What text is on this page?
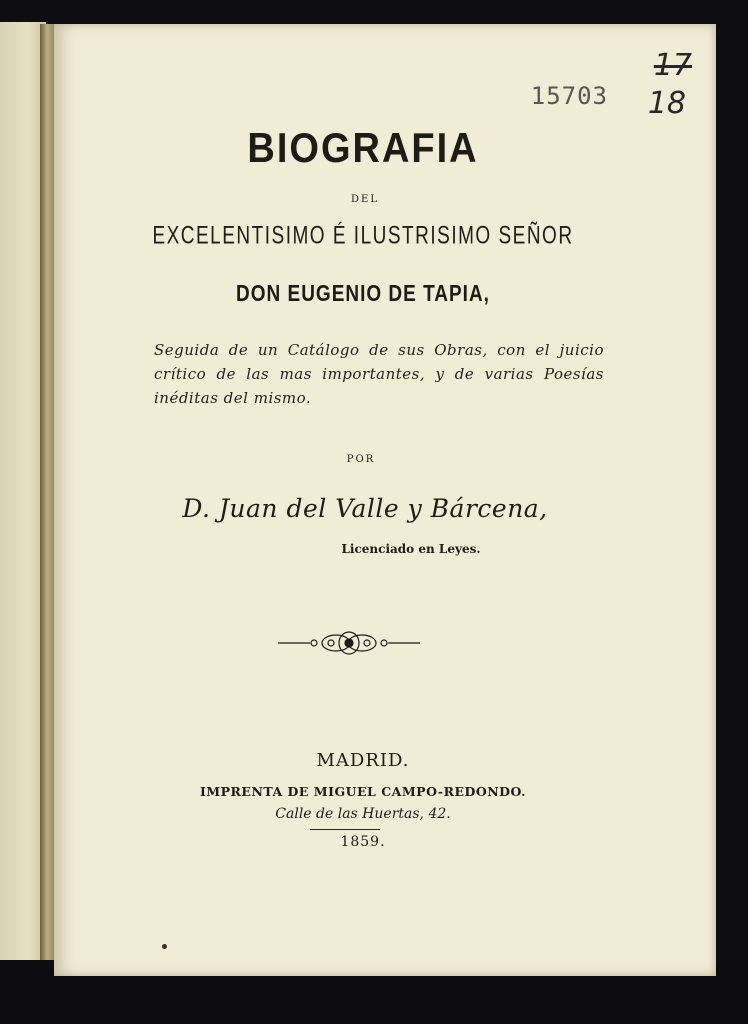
15703
17
18
BIOGRAFIA
DEL
EXCELENTISIMO É ILUSTRISIMO SEÑOR
DON EUGENIO DE TAPIA,
Seguida de un Catálogo de sus Obras, con el juicio crítico de las mas importantes, y de varias Poesías inéditas del mismo.
POR
D. Juan del Valle y Bárcena,
Licenciado en Leyes.
MADRID.
IMPRENTA DE MIGUEL CAMPO-REDONDO.
Calle de las Huertas, 42.
1859.
